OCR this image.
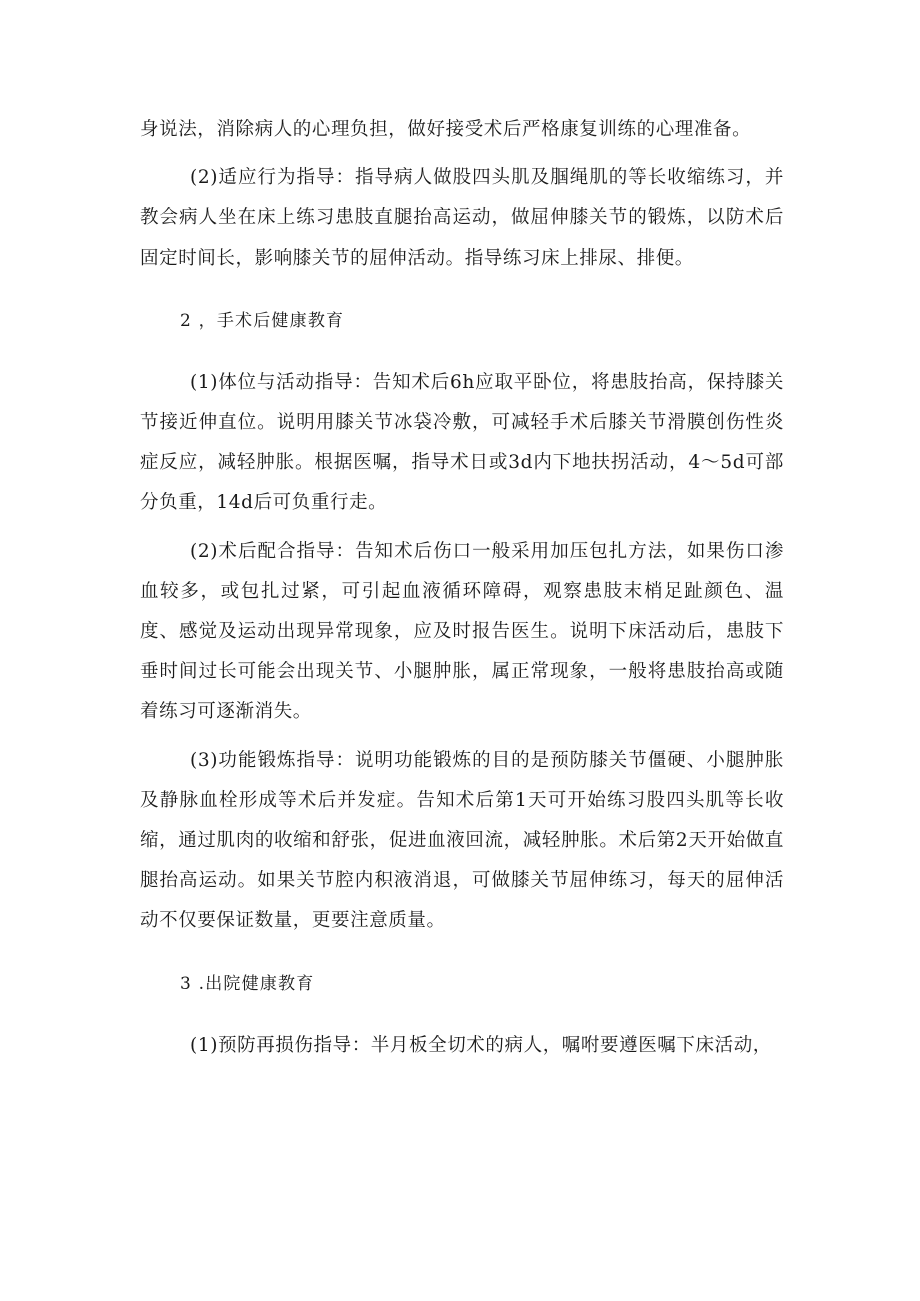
身说法，消除病人的心理负担，做好接受术后严格康复训练的心理准备。

(2)适应行为指导：指导病人做股四头肌及腘绳肌的等长收缩练习，并教会病人坐在床上练习患肢直腿抬高运动，做屈伸膝关节的锻炼，以防术后固定时间长，影响膝关节的屈伸活动。指导练习床上排尿、排便。

2 ，手术后健康教育

(1)体位与活动指导：告知术后6h应取平卧位，将患肢抬高，保持膝关节接近伸直位。说明用膝关节冰袋冷敷，可减轻手术后膝关节滑膜创伤性炎症反应，减轻肿胀。根据医嘱，指导术日或3d内下地扶拐活动，4～5d可部分负重，14d后可负重行走。

(2)术后配合指导：告知术后伤口一般采用加压包扎方法，如果伤口渗血较多，或包扎过紧，可引起血液循环障碍，观察患肢末梢足趾颜色、温度、感觉及运动出现异常现象，应及时报告医生。说明下床活动后，患肢下垂时间过长可能会出现关节、小腿肿胀，属正常现象，一般将患肢抬高或随着练习可逐渐消失。

(3)功能锻炼指导：说明功能锻炼的目的是预防膝关节僵硬、小腿肿胀及静脉血栓形成等术后并发症。告知术后第1天可开始练习股四头肌等长收缩，通过肌肉的收缩和舒张，促进血液回流，减轻肿胀。术后第2天开始做直腿抬高运动。如果关节腔内积液消退，可做膝关节屈伸练习，每天的屈伸活动不仅要保证数量，更要注意质量。

3 .出院健康教育

(1)预防再损伤指导：半月板全切术的病人，嘱咐要遵医嘱下床活动，
